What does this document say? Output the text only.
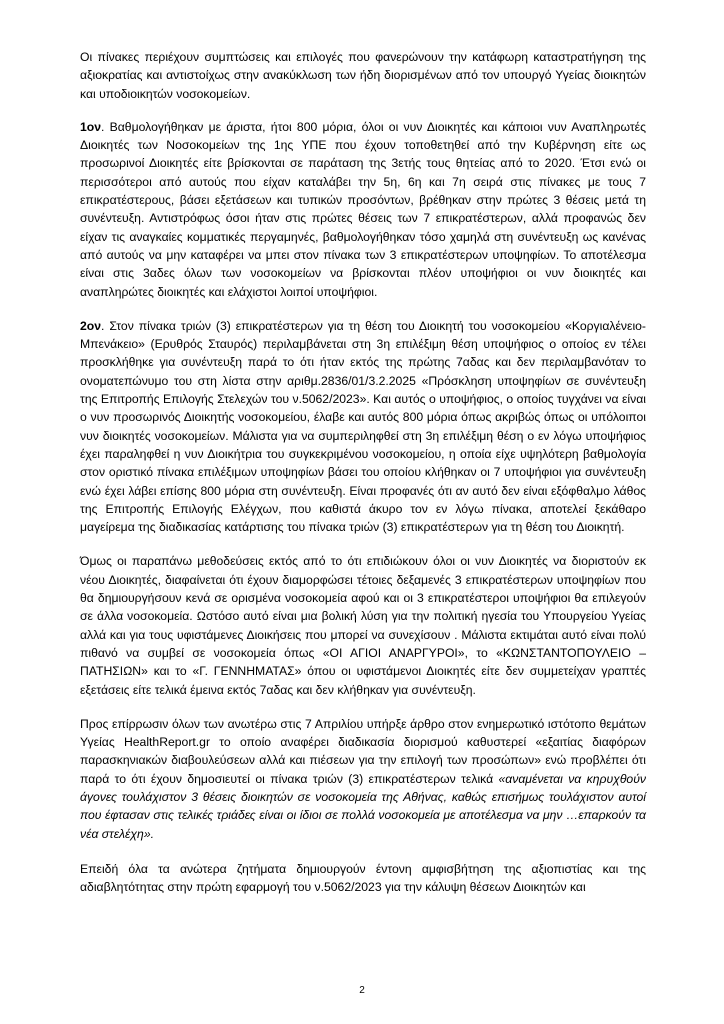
Οι πίνακες περιέχουν συμπτώσεις και επιλογές που φανερώνουν την κατάφωρη καταστρατήγηση της αξιοκρατίας και αντιστοίχως στην ανακύκλωση των ήδη διορισμένων από τον υπουργό Υγείας διοικητών και υποδιοικητών νοσοκομείων.

1ον. Βαθμολογήθηκαν με άριστα, ήτοι 800 μόρια, όλοι οι νυν Διοικητές και κάποιοι νυν Αναπληρωτές Διοικητές των Νοσοκομείων της 1ης ΥΠΕ που έχουν τοποθετηθεί από την Κυβέρνηση είτε ως προσωρινοί Διοικητές είτε βρίσκονται σε παράταση της 3ετής τους θητείας από το 2020. Έτσι ενώ οι περισσότεροι από αυτούς που είχαν καταλάβει την 5η, 6η και 7η σειρά στις πίνακες με τους 7 επικρατέστερους, βάσει εξετάσεων και τυπικών προσόντων, βρέθηκαν στην πρώτες 3 θέσεις μετά τη συνέντευξη. Αντιστρόφως όσοι ήταν στις πρώτες θέσεις των 7 επικρατέστερων, αλλά προφανώς δεν είχαν τις αναγκαίες κομματικές περγαμηνές, βαθμολογήθηκαν τόσο χαμηλά στη συνέντευξη ως κανένας από αυτούς να μην καταφέρει να μπει στον πίνακα των 3 επικρατέστερων υποψηφίων. Το αποτέλεσμα είναι στις 3αδες όλων των νοσοκομείων να βρίσκονται πλέον υποψήφιοι οι νυν διοικητές και αναπληρώτες διοικητές και ελάχιστοι λοιποί υποψήφιοι.

2ον. Στον πίνακα τριών (3) επικρατέστερων για τη θέση του Διοικητή του νοσοκομείου «Κοργιαλένειο-Μπενάκειο» (Ερυθρός Σταυρός) περιλαμβάνεται στη 3η επιλέξιμη θέση υποψήφιος ο οποίος εν τέλει προσκλήθηκε για συνέντευξη παρά το ότι ήταν εκτός της πρώτης 7αδας και δεν περιλαμβανόταν το ονοματεπώνυμο του στη λίστα στην αριθμ.2836/01/3.2.2025 «Πρόσκληση υποψηφίων σε συνέντευξη της Επιτροπής Επιλογής Στελεχών του ν.5062/2023». Και αυτός ο υποψήφιος, ο οποίος τυγχάνει να είναι ο νυν προσωρινός Διοικητής νοσοκομείου, έλαβε και αυτός 800 μόρια όπως ακριβώς όπως οι υπόλοιποι νυν διοικητές νοσοκομείων. Μάλιστα για να συμπεριληφθεί στη 3η επιλέξιμη θέση ο εν λόγω υποψήφιος έχει παραληφθεί η νυν Διοικήτρια του συγκεκριμένου νοσοκομείου, η οποία είχε υψηλότερη βαθμολογία στον οριστικό πίνακα επιλέξιμων υποψηφίων βάσει του οποίου κλήθηκαν οι 7 υποψήφιοι για συνέντευξη ενώ έχει λάβει επίσης 800 μόρια στη συνέντευξη. Είναι προφανές ότι αν αυτό δεν είναι εξόφθαλμο λάθος της Επιτροπής Επιλογής Ελέγχων, που καθιστά άκυρο τον εν λόγω πίνακα, αποτελεί ξεκάθαρο μαγείρεμα της διαδικασίας κατάρτισης του πίνακα τριών (3) επικρατέστερων για τη θέση του Διοικητή.

Όμως οι παραπάνω μεθοδεύσεις εκτός από το ότι επιδιώκουν όλοι οι νυν Διοικητές να διοριστούν εκ νέου Διοικητές, διαφαίνεται ότι έχουν διαμορφώσει τέτοιες δεξαμενές 3 επικρατέστερων υποψηφίων που θα δημιουργήσουν κενά σε ορισμένα νοσοκομεία αφού και οι 3 επικρατέστεροι υποψήφιοι θα επιλεγούν σε άλλα νοσοκομεία. Ωστόσο αυτό είναι μια βολική λύση για την πολιτική ηγεσία του Υπουργείου Υγείας αλλά και για τους υφιστάμενες Διοικήσεις που μπορεί να συνεχίσουν . Μάλιστα εκτιμάται αυτό είναι πολύ πιθανό να συμβεί σε νοσοκομεία όπως «ΟΙ ΑΓΙΟΙ ΑΝΑΡΓΥΡΟΙ», το «ΚΩΝΣΤΑΝΤΟΠΟΥΛΕΙΟ – ΠΑΤΗΣΙΩΝ» και το «Γ. ΓΕΝΝΗΜΑΤΑΣ» όπου οι υφιστάμενοι Διοικητές είτε δεν συμμετείχαν γραπτές εξετάσεις είτε τελικά έμεινα εκτός 7αδας και δεν κλήθηκαν για συνέντευξη.

Προς επίρρωσιν όλων των ανωτέρω στις 7 Απριλίου υπήρξε άρθρο στον ενημερωτικό ιστότοπο θεμάτων Υγείας HealthReport.gr το οποίο αναφέρει διαδικασία διορισμού καθυστερεί «εξαιτίας διαφόρων παρασκηνιακών διαβουλεύσεων αλλά και πιέσεων για την επιλογή των προσώπων» ενώ προβλέπει ότι παρά το ότι έχουν δημοσιευτεί οι πίνακα τριών (3) επικρατέστερων τελικά «αναμένεται να κηρυχθούν άγονες τουλάχιστον 3 θέσεις διοικητών σε νοσοκομεία της Αθήνας, καθώς επισήμως τουλάχιστον αυτοί που έφτασαν στις τελικές τριάδες είναι οι ίδιοι σε πολλά νοσοκομεία με αποτέλεσμα να μην …επαρκούν τα νέα στελέχη».

Επειδή όλα τα ανώτερα ζητήματα δημιουργούν έντονη αμφισβήτηση της αξιοπιστίας και της αδιαβλητότητας στην πρώτη εφαρμογή του ν.5062/2023 για την κάλυψη θέσεων Διοικητών και

2
